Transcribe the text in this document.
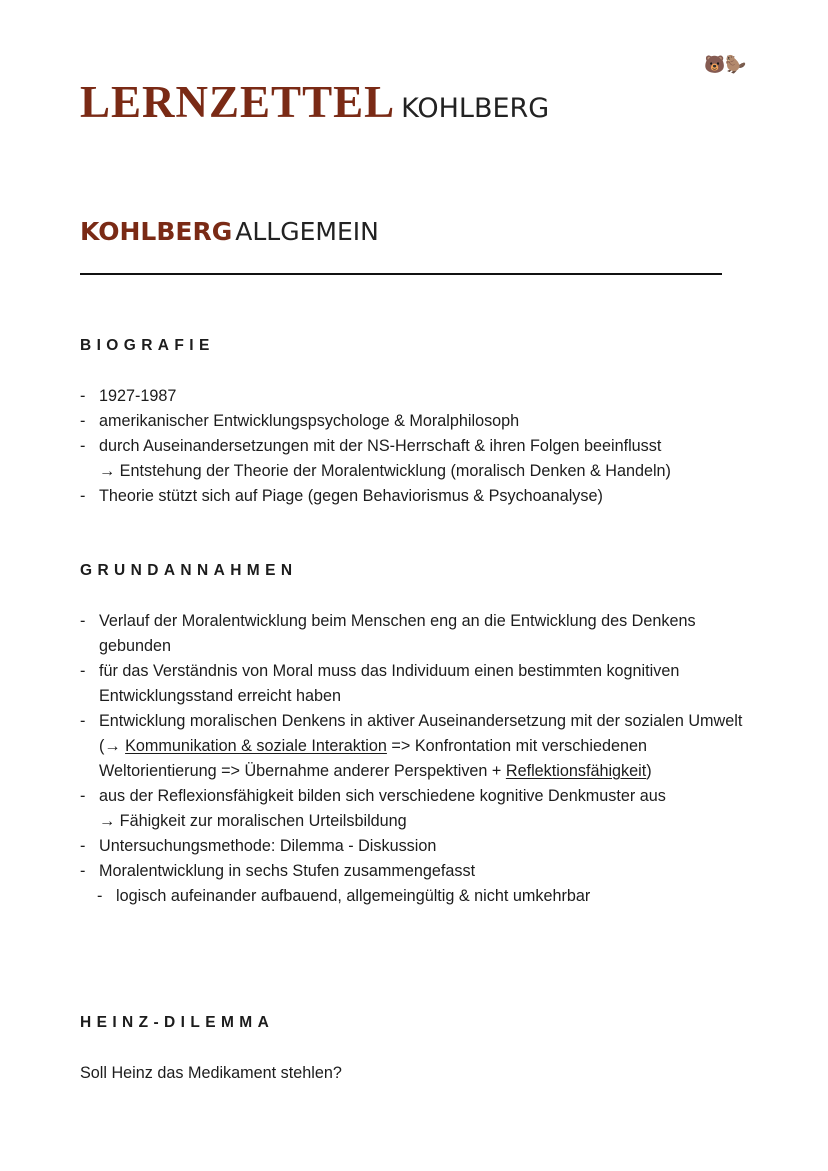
🐻🦫
LERNZETTEL KOHLBERG
KOHLBERG ALLGEMEIN
BIOGRAFIE
- 1927-1987
- amerikanischer Entwicklungspsychologe & Moralphilosoph
- durch Auseinandersetzungen mit der NS-Herrschaft & ihren Folgen beeinflusst
→ Entstehung der Theorie der Moralentwicklung (moralisch Denken & Handeln)
- Theorie stützt sich auf Piage (gegen Behaviorismus & Psychoanalyse)
GRUNDANNAHMEN
- Verlauf der Moralentwicklung beim Menschen eng an die Entwicklung des Denkens gebunden
- für das Verständnis von Moral muss das Individuum einen bestimmten kognitiven Entwicklungsstand erreicht haben
- Entwicklung moralischen Denkens in aktiver Auseinandersetzung mit der sozialen Umwelt (→ Kommunikation & soziale Interaktion => Konfrontation mit verschiedenen Weltorientierung => Übernahme anderer Perspektiven + Reflektionsfähigkeit)
- aus der Reflexionsfähigkeit bilden sich verschiedene kognitive Denkmuster aus
→ Fähigkeit zur moralischen Urteilsbildung
- Untersuchungsmethode: Dilemma - Diskussion
- Moralentwicklung in sechs Stufen zusammengefasst
- logisch aufeinander aufbauend, allgemeingültig & nicht umkehrbar
HEINZ-DILEMMA
Soll Heinz das Medikament stehlen?
